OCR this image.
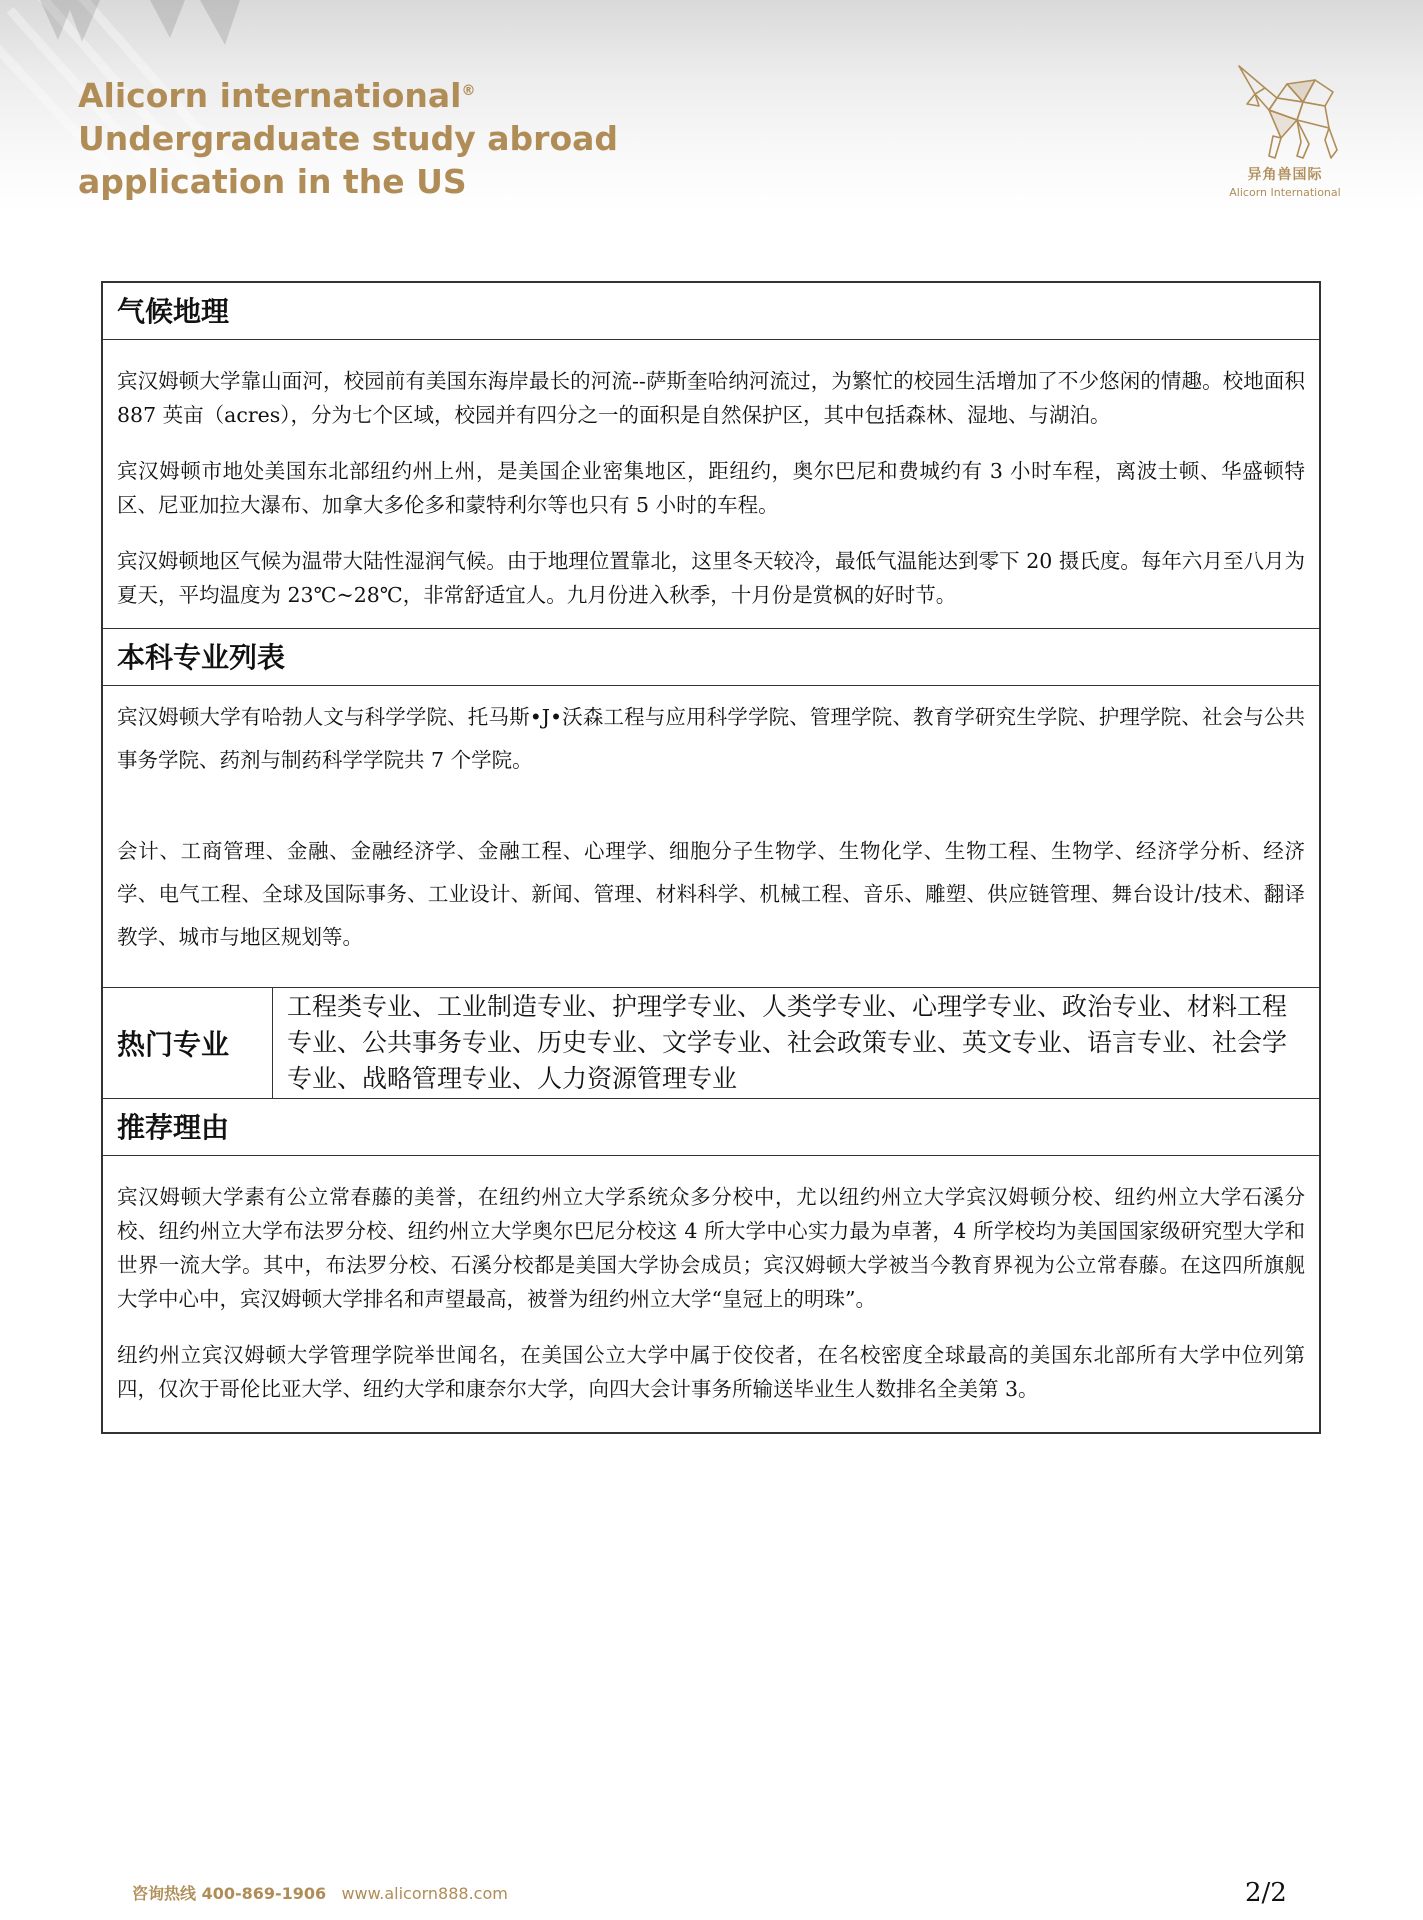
Alicorn international®
Undergraduate study abroad
application in the US	异角兽国际
Alicorn International
气候地理

宾汉姆顿大学靠山面河，校园前有美国东海岸最长的河流--萨斯奎哈纳河流过，为繁忙的校园生活增加了不少悠闲的情趣。校地面积 887 英亩（acres），分为七个区域，校园并有四分之一的面积是自然保护区，其中包括森林、湿地、与湖泊。

宾汉姆顿市地处美国东北部纽约州上州，是美国企业密集地区，距纽约，奥尔巴尼和费城约有 3 小时车程，离波士顿、华盛顿特区、尼亚加拉大瀑布、加拿大多伦多和蒙特利尔等也只有 5 小时的车程。

宾汉姆顿地区气候为温带大陆性湿润气候。由于地理位置靠北，这里冬天较冷，最低气温能达到零下 20 摄氏度。每年六月至八月为夏天，平均温度为 23℃~28℃，非常舒适宜人。九月份进入秋季，十月份是赏枫的好时节。

本科专业列表

宾汉姆顿大学有哈勃人文与科学学院、托马斯•J•沃森工程与应用科学学院、管理学院、教育学研究生学院、护理学院、社会与公共事务学院、药剂与制药科学学院共 7 个学院。

会计、工商管理、金融、金融经济学、金融工程、心理学、细胞分子生物学、生物化学、生物工程、生物学、经济学分析、经济学、电气工程、全球及国际事务、工业设计、新闻、管理、材料科学、机械工程、音乐、雕塑、供应链管理、舞台设计/技术、翻译教学、城市与地区规划等。

热门专业
工程类专业、工业制造专业、护理学专业、人类学专业、心理学专业、政治专业、材料工程专业、公共事务专业、历史专业、文学专业、社会政策专业、英文专业、语言专业、社会学专业、战略管理专业、人力资源管理专业
推荐理由

宾汉姆顿大学素有公立常春藤的美誉，在纽约州立大学系统众多分校中，尤以纽约州立大学宾汉姆顿分校、纽约州立大学石溪分校、纽约州立大学布法罗分校、纽约州立大学奥尔巴尼分校这 4 所大学中心实力最为卓著，4 所学校均为美国国家级研究型大学和世界一流大学。其中，布法罗分校、石溪分校都是美国大学协会成员；宾汉姆顿大学被当今教育界视为公立常春藤。在这四所旗舰大学中心中，宾汉姆顿大学排名和声望最高，被誉为纽约州立大学“皇冠上的明珠”。

纽约州立宾汉姆顿大学管理学院举世闻名，在美国公立大学中属于佼佼者，在名校密度全球最高的美国东北部所有大学中位列第四，仅次于哥伦比亚大学、纽约大学和康奈尔大学，向四大会计事务所输送毕业生人数排名全美第 3。

咨询热线 400-869-1906 www.alicorn888.com	2/2
